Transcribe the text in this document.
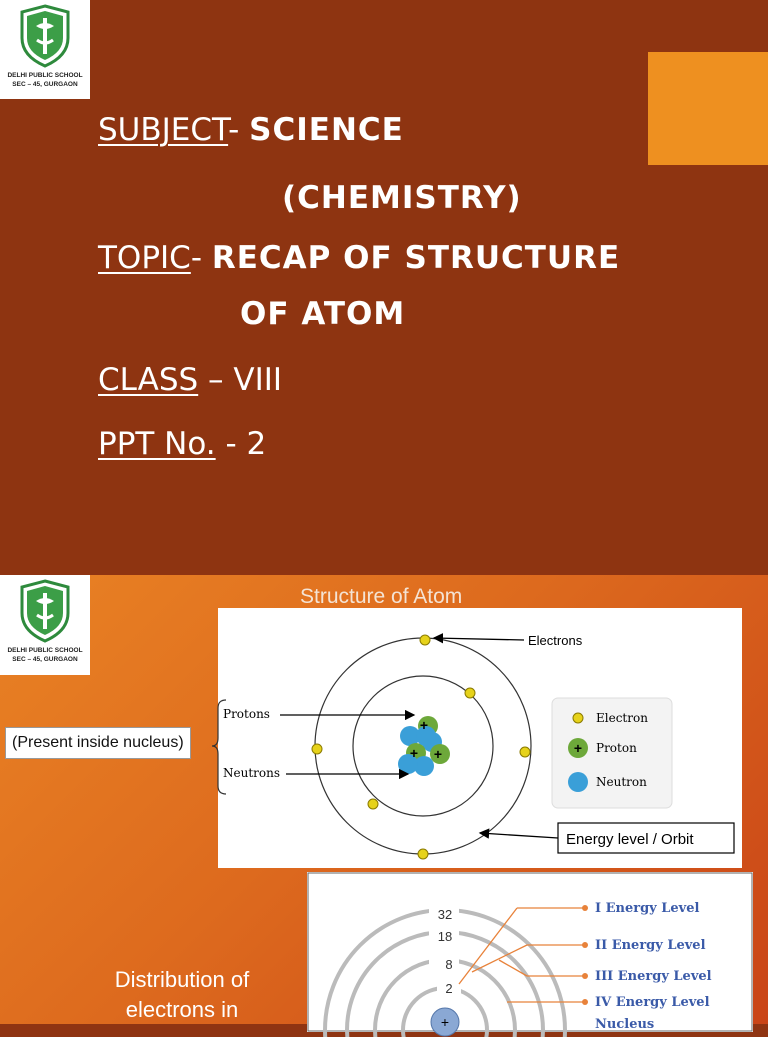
DELHI PUBLIC SCHOOL
SEC – 45, GURGAON
SUBJECT- SCIENCE
(CHEMISTRY)
TOPIC- RECAP OF STRUCTURE
OF ATOM
CLASS – VIII
PPT No. - 2
DELHI PUBLIC SCHOOL
SEC – 45, GURGAON
Structure of Atom
+
+ +
Protons
Neutrons
Electrons
Energy level / Orbit
Electron
+ Proton
Neutron
(Present inside nucleus)
+
32
18
8
2
I Energy Level
II Energy Level
III Energy Level
IV Energy Level
Nucleus
Distribution of electrons in
